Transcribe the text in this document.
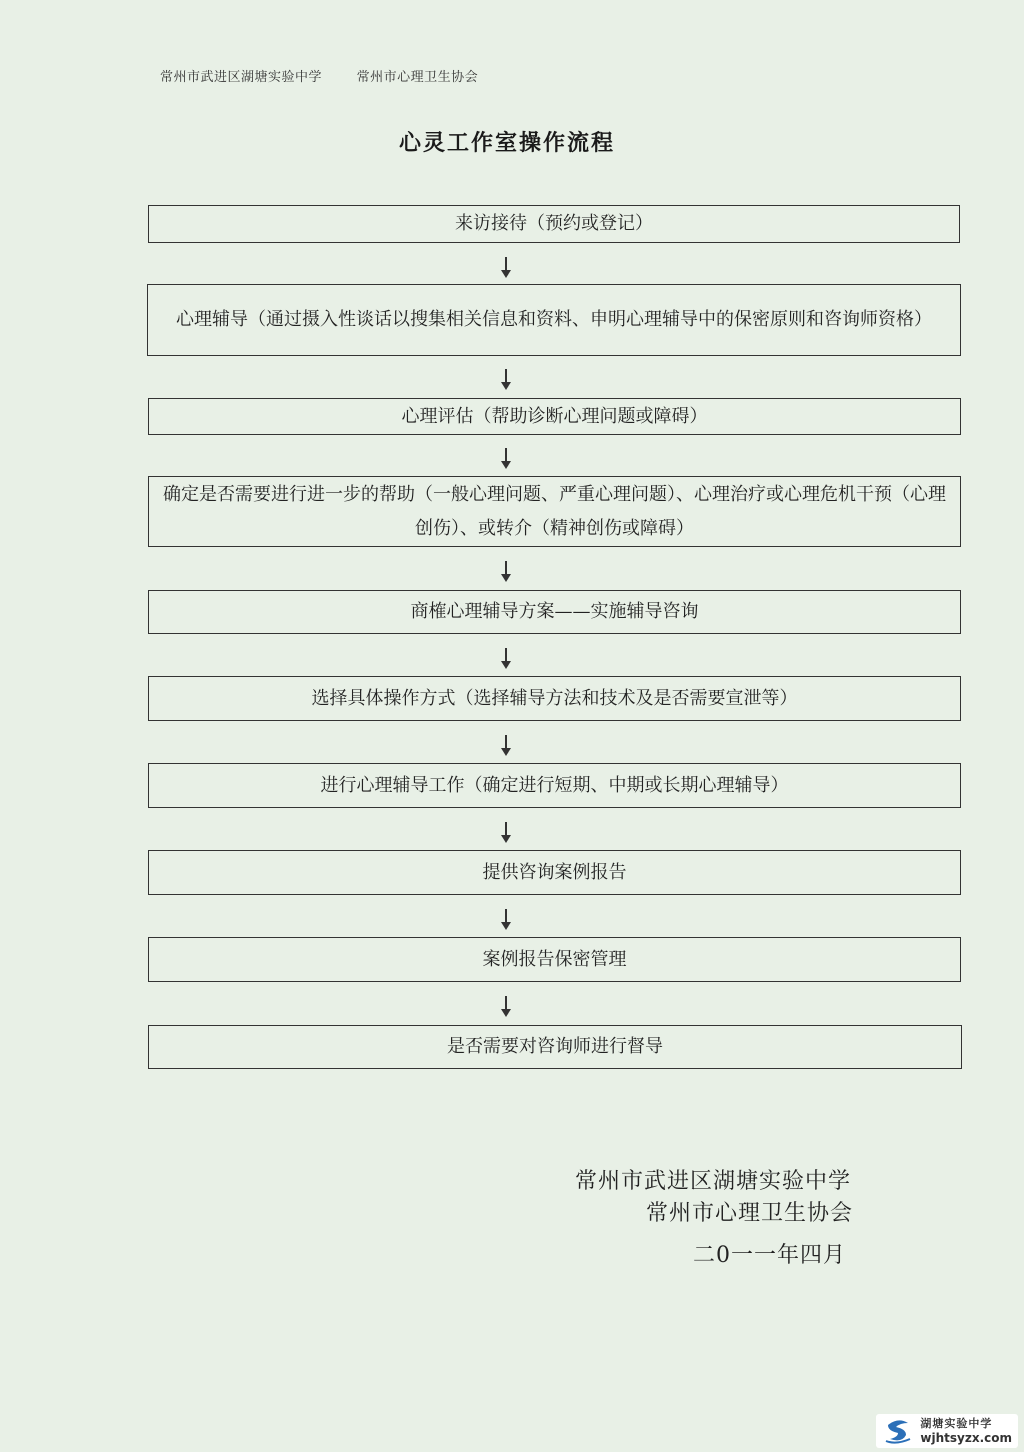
常州市武进区湖塘实验中学	常州市心理卫生协会
心灵工作室操作流程
来访接待（预约或登记）
心理辅导（通过摄入性谈话以搜集相关信息和资料、申明心理辅导中的保密原则和咨询师资格）
心理评估（帮助诊断心理问题或障碍）
确定是否需要进行进一步的帮助（一般心理问题、严重心理问题）、心理治疗或心理危机干预（心理创伤）、或转介（精神创伤或障碍）
商榷心理辅导方案——实施辅导咨询
选择具体操作方式（选择辅导方法和技术及是否需要宣泄等）
进行心理辅导工作（确定进行短期、中期或长期心理辅导）
提供咨询案例报告
案例报告保密管理
是否需要对咨询师进行督导
常州市武进区湖塘实验中学
常州市心理卫生协会
二0一一年四月
湖塘实验中学
wjhtsyzx.com
